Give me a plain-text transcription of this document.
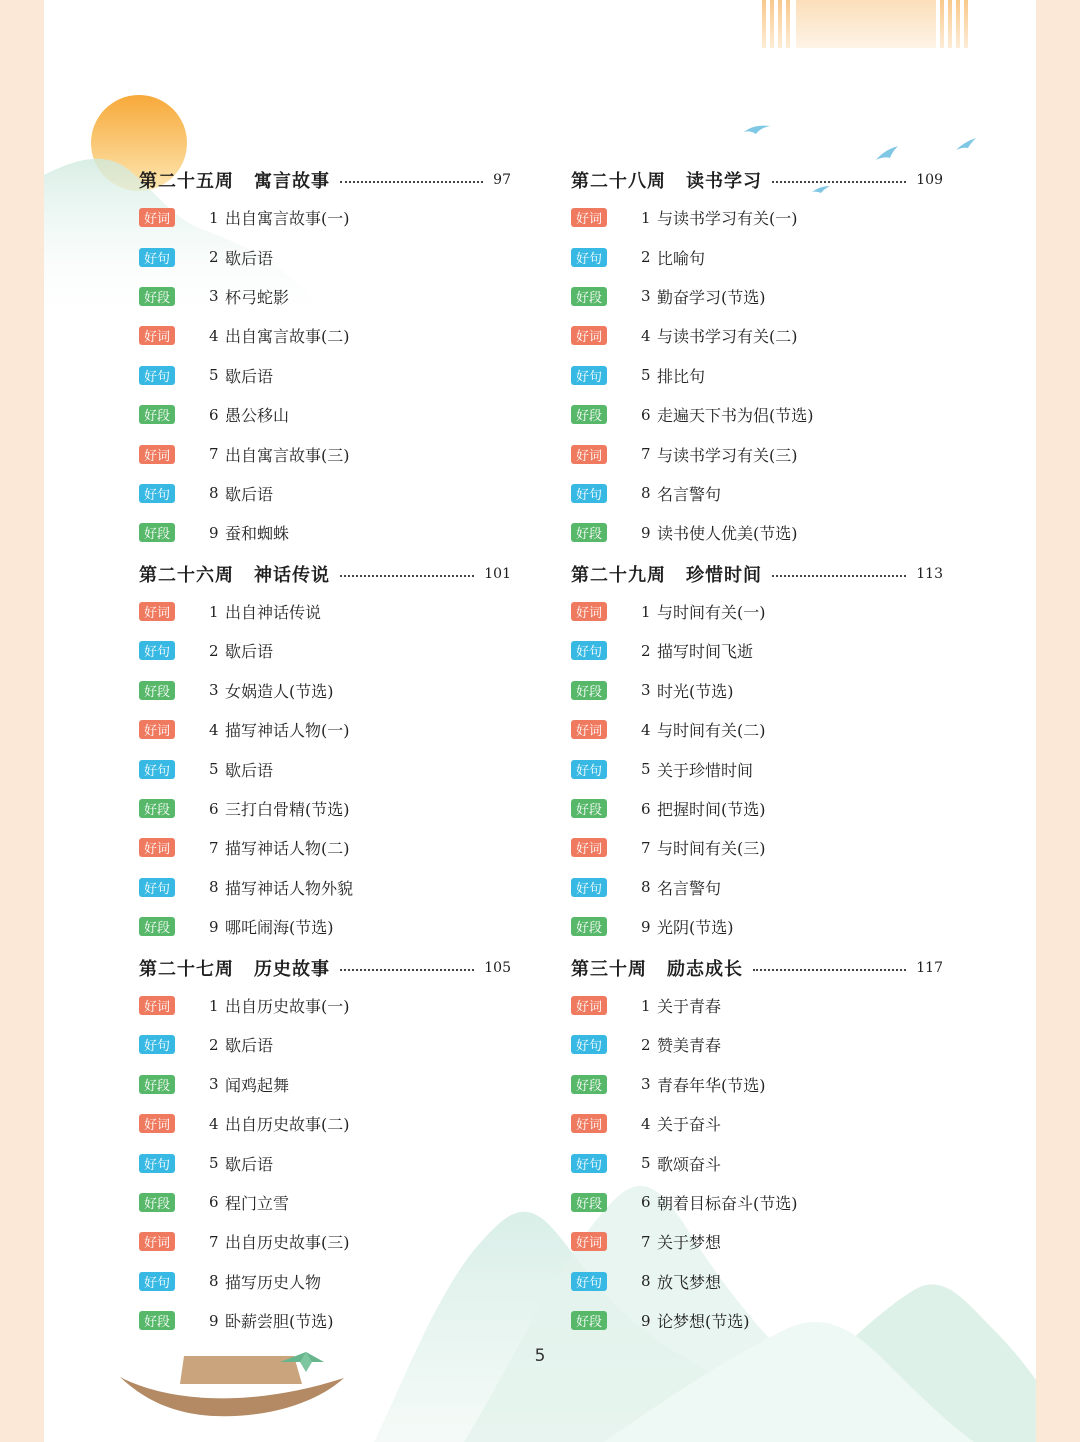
第二十五周 寓言故事	97
好词	1 出自寓言故事(一)
好句	2 歇后语
好段	3 杯弓蛇影
好词	4 出自寓言故事(二)
好句	5 歇后语
好段	6 愚公移山
好词	7 出自寓言故事(三)
好句	8 歇后语
好段	9 蚕和蜘蛛
第二十六周 神话传说	101
好词	1 出自神话传说
好句	2 歇后语
好段	3 女娲造人(节选)
好词	4 描写神话人物(一)
好句	5 歇后语
好段	6 三打白骨精(节选)
好词	7 描写神话人物(二)
好句	8 描写神话人物外貌
好段	9 哪吒闹海(节选)
第二十七周 历史故事	105
好词	1 出自历史故事(一)
好句	2 歇后语
好段	3 闻鸡起舞
好词	4 出自历史故事(二)
好句	5 歇后语
好段	6 程门立雪
好词	7 出自历史故事(三)
好句	8 描写历史人物
好段	9 卧薪尝胆(节选)
第二十八周 读书学习	109
好词	1 与读书学习有关(一)
好句	2 比喻句
好段	3 勤奋学习(节选)
好词	4 与读书学习有关(二)
好句	5 排比句
好段	6 走遍天下书为侣(节选)
好词	7 与读书学习有关(三)
好句	8 名言警句
好段	9 读书使人优美(节选)
第二十九周 珍惜时间	113
好词	1 与时间有关(一)
好句	2 描写时间飞逝
好段	3 时光(节选)
好词	4 与时间有关(二)
好句	5 关于珍惜时间
好段	6 把握时间(节选)
好词	7 与时间有关(三)
好句	8 名言警句
好段	9 光阴(节选)
第三十周 励志成长	117
好词	1 关于青春
好句	2 赞美青春
好段	3 青春年华(节选)
好词	4 关于奋斗
好句	5 歌颂奋斗
好段	6 朝着目标奋斗(节选)
好词	7 关于梦想
好句	8 放飞梦想
好段	9 论梦想(节选)
5
